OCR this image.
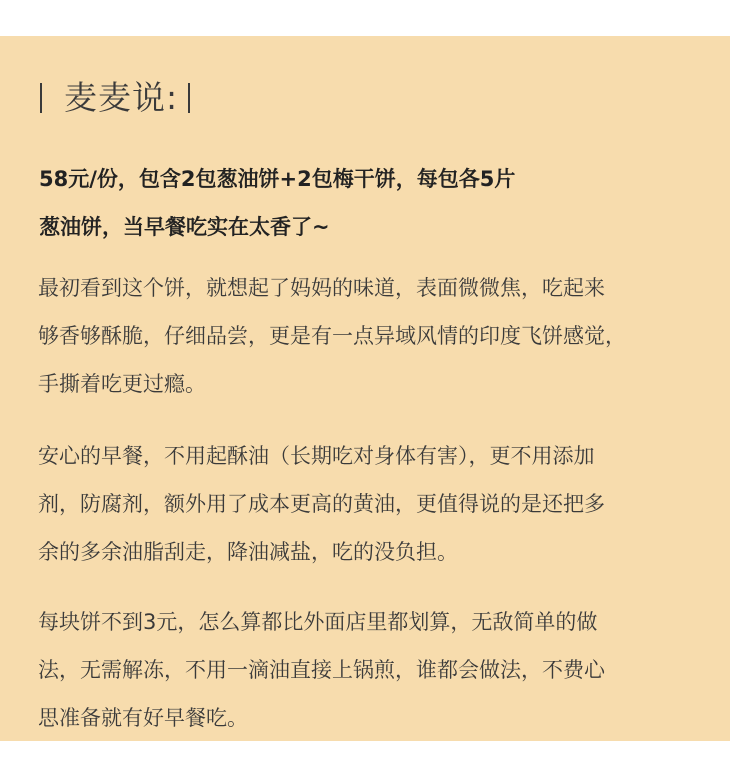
麦麦说:

58元/份，包含2包葱油饼+2包梅干饼，每包各5片

葱油饼，当早餐吃实在太香了~

最初看到这个饼，就想起了妈妈的味道，表面微微焦，吃起来

够香够酥脆，仔细品尝，更是有一点异域风情的印度飞饼感觉，

手撕着吃更过瘾。

安心的早餐，不用起酥油（长期吃对身体有害），更不用添加

剂，防腐剂，额外用了成本更高的黄油，更值得说的是还把多

余的多余油脂刮走，降油减盐，吃的没负担。

每块饼不到3元，怎么算都比外面店里都划算，无敌简单的做

法，无需解冻，不用一滴油直接上锅煎，谁都会做法，不费心

思准备就有好早餐吃。
